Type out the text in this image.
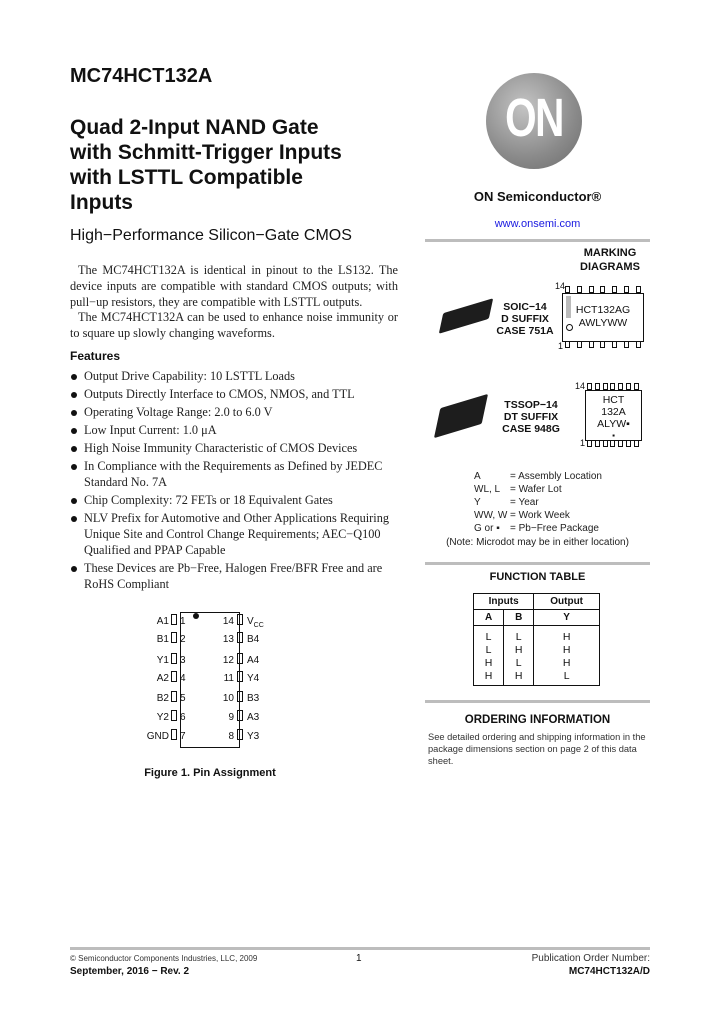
MC74HCT132A
Quad 2-Input NAND Gate
with Schmitt-Trigger Inputs
with LSTTL Compatible
Inputs
High−Performance Silicon−Gate CMOS
The MC74HCT132A is identical in pinout to the LS132. The device inputs are compatible with standard CMOS outputs; with pull−up resistors, they are compatible with LSTTL outputs.
The MC74HCT132A can be used to enhance noise immunity or to square up slowly changing waveforms.
Features
Output Drive Capability: 10 LSTTL Loads
Outputs Directly Interface to CMOS, NMOS, and TTL
Operating Voltage Range: 2.0 to 6.0 V
Low Input Current: 1.0 μA
High Noise Immunity Characteristic of CMOS Devices
In Compliance with the Requirements as Defined by JEDEC Standard No. 7A
Chip Complexity: 72 FETs or 18 Equivalent Gates
NLV Prefix for Automotive and Other Applications Requiring Unique Site and Control Change Requirements; AEC−Q100 Qualified and PPAP Capable
These Devices are Pb−Free, Halogen Free/BFR Free and are RoHS Compliant
A1 1
B1 2
Y1 3
A2 4
B2 5
Y2 6
GND 7
14 $V_{CC}$
13 B4
12 A4
11 Y4
10 B3
9 A3
8 Y3
Figure 1. Pin Assignment
ON
ON Semiconductor®
www.onsemi.com
MARKING
DIAGRAMS
SOIC−14
D SUFFIX
CASE 751A
HCT132AG
AWLYWW
14
1
TSSOP−14
DT SUFFIX
CASE 948G
HCT
132A
ALYW▪
▪
14
1
A	= Assembly Location
WL, L = Wafer Lot
Y	= Year
WW, W = Work Week
G or ▪ = Pb−Free Package
(Note: Microdot may be in either location)
FUNCTION TABLE
Inputs		Output
A	B	Y
L	L	H
L	H	H
H	L	H
H	H	L
ORDERING INFORMATION
See detailed ordering and shipping information in the package dimensions section on page 2 of this data sheet.
© Semiconductor Components Industries, LLC, 2009
September, 2016 − Rev. 2
1	Publication Order Number:
MC74HCT132A/D
